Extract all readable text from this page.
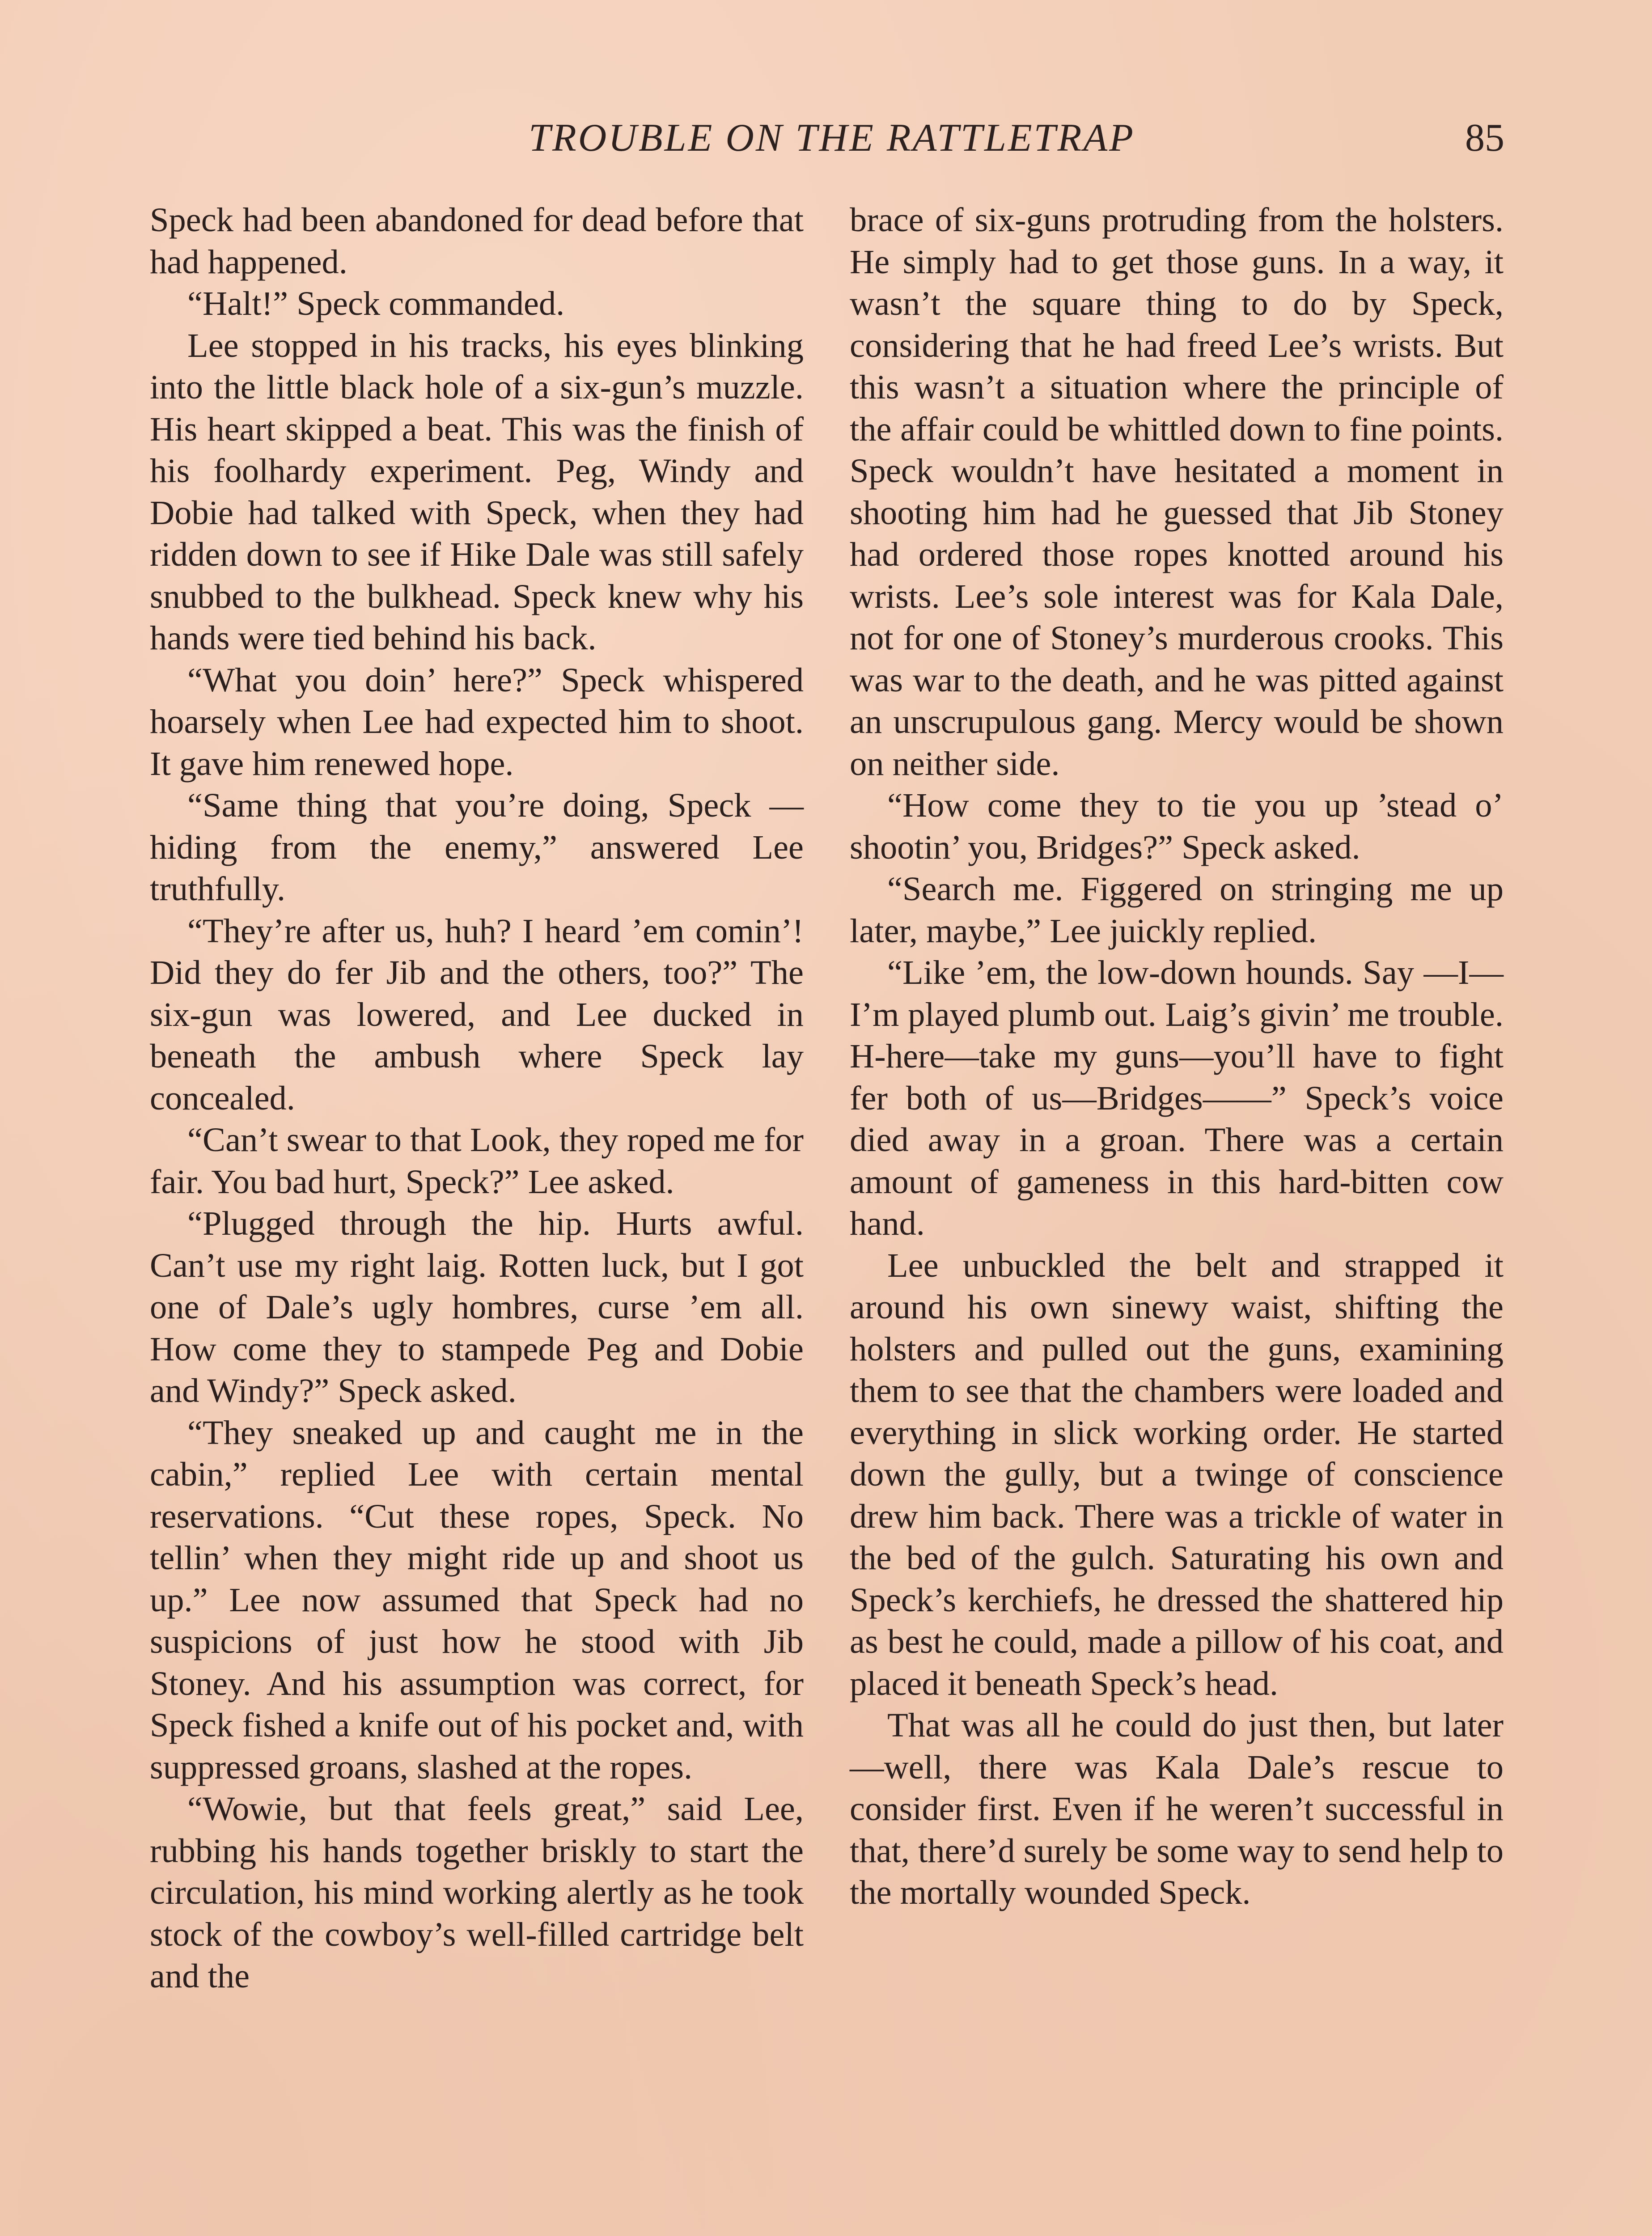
TROUBLE ON THE RATTLETRAP	85

Speck had been abandoned for dead before that had happened.

“Halt!” Speck commanded.

Lee stopped in his tracks, his eyes blinking into the little black hole of a six-gun’s muzzle. His heart skipped a beat. This was the finish of his foolhardy experiment. Peg, Windy and Dobie had talked with Speck, when they had ridden down to see if Hike Dale was still safely snubbed to the bulkhead. Speck knew why his hands were tied behind his back.

“What you doin’ here?” Speck whispered hoarsely when Lee had expected him to shoot. It gave him renewed hope.

“Same thing that you’re doing, Speck —hiding from the enemy,” answered Lee truthfully.

“They’re after us, huh? I heard ’em comin’! Did they do fer Jib and the others, too?” The six-gun was lowered, and Lee ducked in beneath the ambush where Speck lay concealed.

“Can’t swear to that Look, they roped me for fair. You bad hurt, Speck?” Lee asked.

“Plugged through the hip. Hurts awful. Can’t use my right laig. Rotten luck, but I got one of Dale’s ugly hombres, curse ’em all. How come they to stampede Peg and Dobie and Windy?” Speck asked.

“They sneaked up and caught me in the cabin,” replied Lee with certain mental reservations. “Cut these ropes, Speck. No tellin’ when they might ride up and shoot us up.” Lee now assumed that Speck had no suspicions of just how he stood with Jib Stoney. And his assumption was correct, for Speck fished a knife out of his pocket and, with suppressed groans, slashed at the ropes.

“Wowie, but that feels great,” said Lee, rubbing his hands together briskly to start the circulation, his mind working alertly as he took stock of the cowboy’s well-filled cartridge belt and the

brace of six-guns protruding from the holsters. He simply had to get those guns. In a way, it wasn’t the square thing to do by Speck, considering that he had freed Lee’s wrists. But this wasn’t a situation where the principle of the affair could be whittled down to fine points. Speck wouldn’t have hesitated a moment in shooting him had he guessed that Jib Stoney had ordered those ropes knotted around his wrists. Lee’s sole interest was for Kala Dale, not for one of Stoney’s murderous crooks. This was war to the death, and he was pitted against an unscrupulous gang. Mercy would be shown on neither side.

“How come they to tie you up ’stead o’ shootin’ you, Bridges?” Speck asked.

“Search me. Figgered on stringing me up later, maybe,” Lee juickly replied.

“Like ’em, the low-down hounds. Say —I—I’m played plumb out. Laig’s givin’ me trouble. H-here—take my guns—you’ll have to fight fer both of us—Bridges——” Speck’s voice died away in a groan. There was a certain amount of gameness in this hard-bitten cow hand.

Lee unbuckled the belt and strapped it around his own sinewy waist, shifting the holsters and pulled out the guns, examining them to see that the chambers were loaded and everything in slick working order. He started down the gully, but a twinge of conscience drew him back. There was a trickle of water in the bed of the gulch. Saturating his own and Speck’s kerchiefs, he dressed the shattered hip as best he could, made a pillow of his coat, and placed it beneath Speck’s head.

That was all he could do just then, but later—well, there was Kala Dale’s rescue to consider first. Even if he weren’t successful in that, there’d surely be some way to send help to the mortally wounded Speck.
